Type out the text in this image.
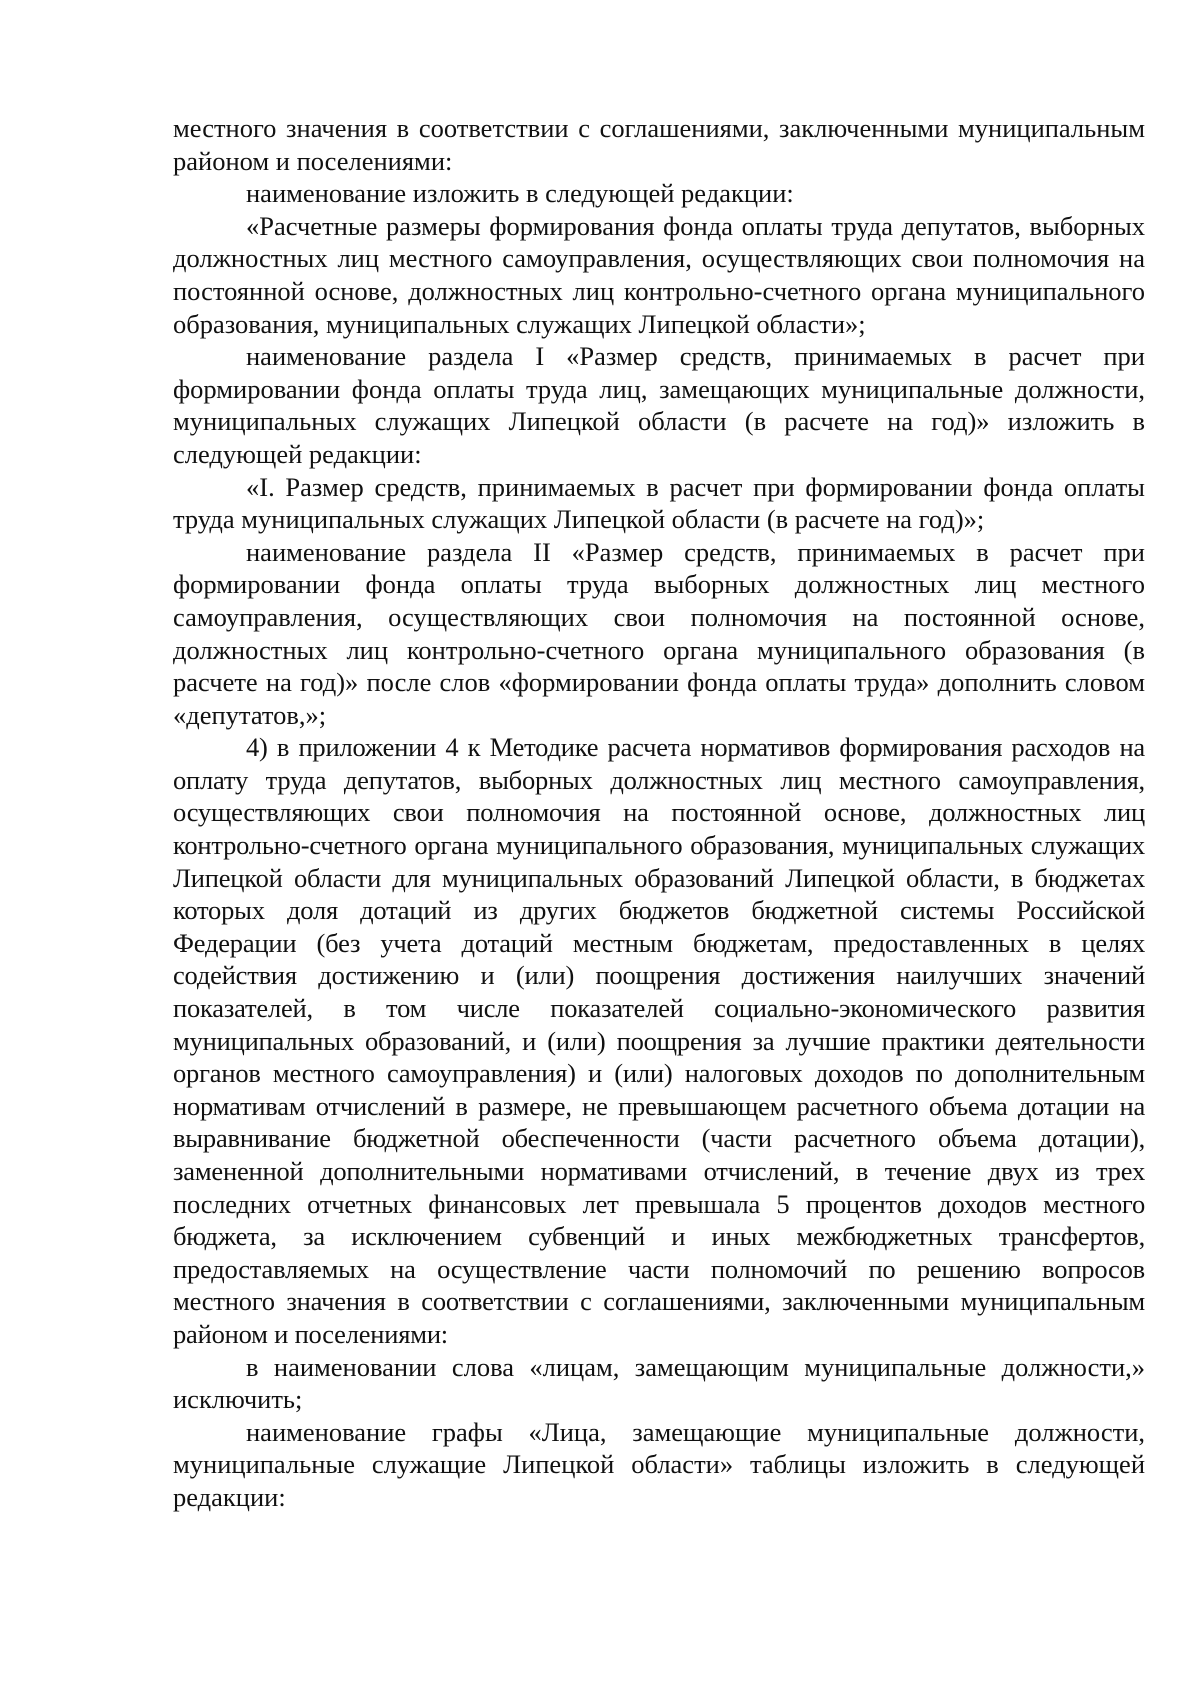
местного значения в соответствии с соглашениями, заключенными муниципальным районом и поселениями:

наименование изложить в следующей редакции:

«Расчетные размеры формирования фонда оплаты труда депутатов, выборных должностных лиц местного самоуправления, осуществляющих свои полномочия на постоянной основе, должностных лиц контрольно-счетного органа муниципального образования, муниципальных служащих Липецкой области»;

наименование раздела I «Размер средств, принимаемых в расчет при формировании фонда оплаты труда лиц, замещающих муниципальные должности, муниципальных служащих Липецкой области (в расчете на год)» изложить в следующей редакции:

«I. Размер средств, принимаемых в расчет при формировании фонда оплаты труда муниципальных служащих Липецкой области (в расчете на год)»;

наименование раздела II «Размер средств, принимаемых в расчет при формировании фонда оплаты труда выборных должностных лиц местного самоуправления, осуществляющих свои полномочия на постоянной основе, должностных лиц контрольно-счетного органа муниципального образования (в расчете на год)» после слов «формировании фонда оплаты труда» дополнить словом «депутатов,»;

4) в приложении 4 к Методике расчета нормативов формирования расходов на оплату труда депутатов, выборных должностных лиц местного самоуправления, осуществляющих свои полномочия на постоянной основе, должностных лиц контрольно-счетного органа муниципального образования, муниципальных служащих Липецкой области для муниципальных образований Липецкой области, в бюджетах которых доля дотаций из других бюджетов бюджетной системы Российской Федерации (без учета дотаций местным бюджетам, предоставленных в целях содействия достижению и (или) поощрения достижения наилучших значений показателей, в том числе показателей социально-экономического развития муниципальных образований, и (или) поощрения за лучшие практики деятельности органов местного самоуправления) и (или) налоговых доходов по дополнительным нормативам отчислений в размере, не превышающем расчетного объема дотации на выравнивание бюджетной обеспеченности (части расчетного объема дотации), замененной дополнительными нормативами отчислений, в течение двух из трех последних отчетных финансовых лет превышала 5 процентов доходов местного бюджета, за исключением субвенций и иных межбюджетных трансфертов, предоставляемых на осуществление части полномочий по решению вопросов местного значения в соответствии с соглашениями, заключенными муниципальным районом и поселениями:

в наименовании слова «лицам, замещающим муниципальные должности,» исключить;

наименование графы «Лица, замещающие муниципальные должности, муниципальные служащие Липецкой области» таблицы изложить в следующей редакции:
